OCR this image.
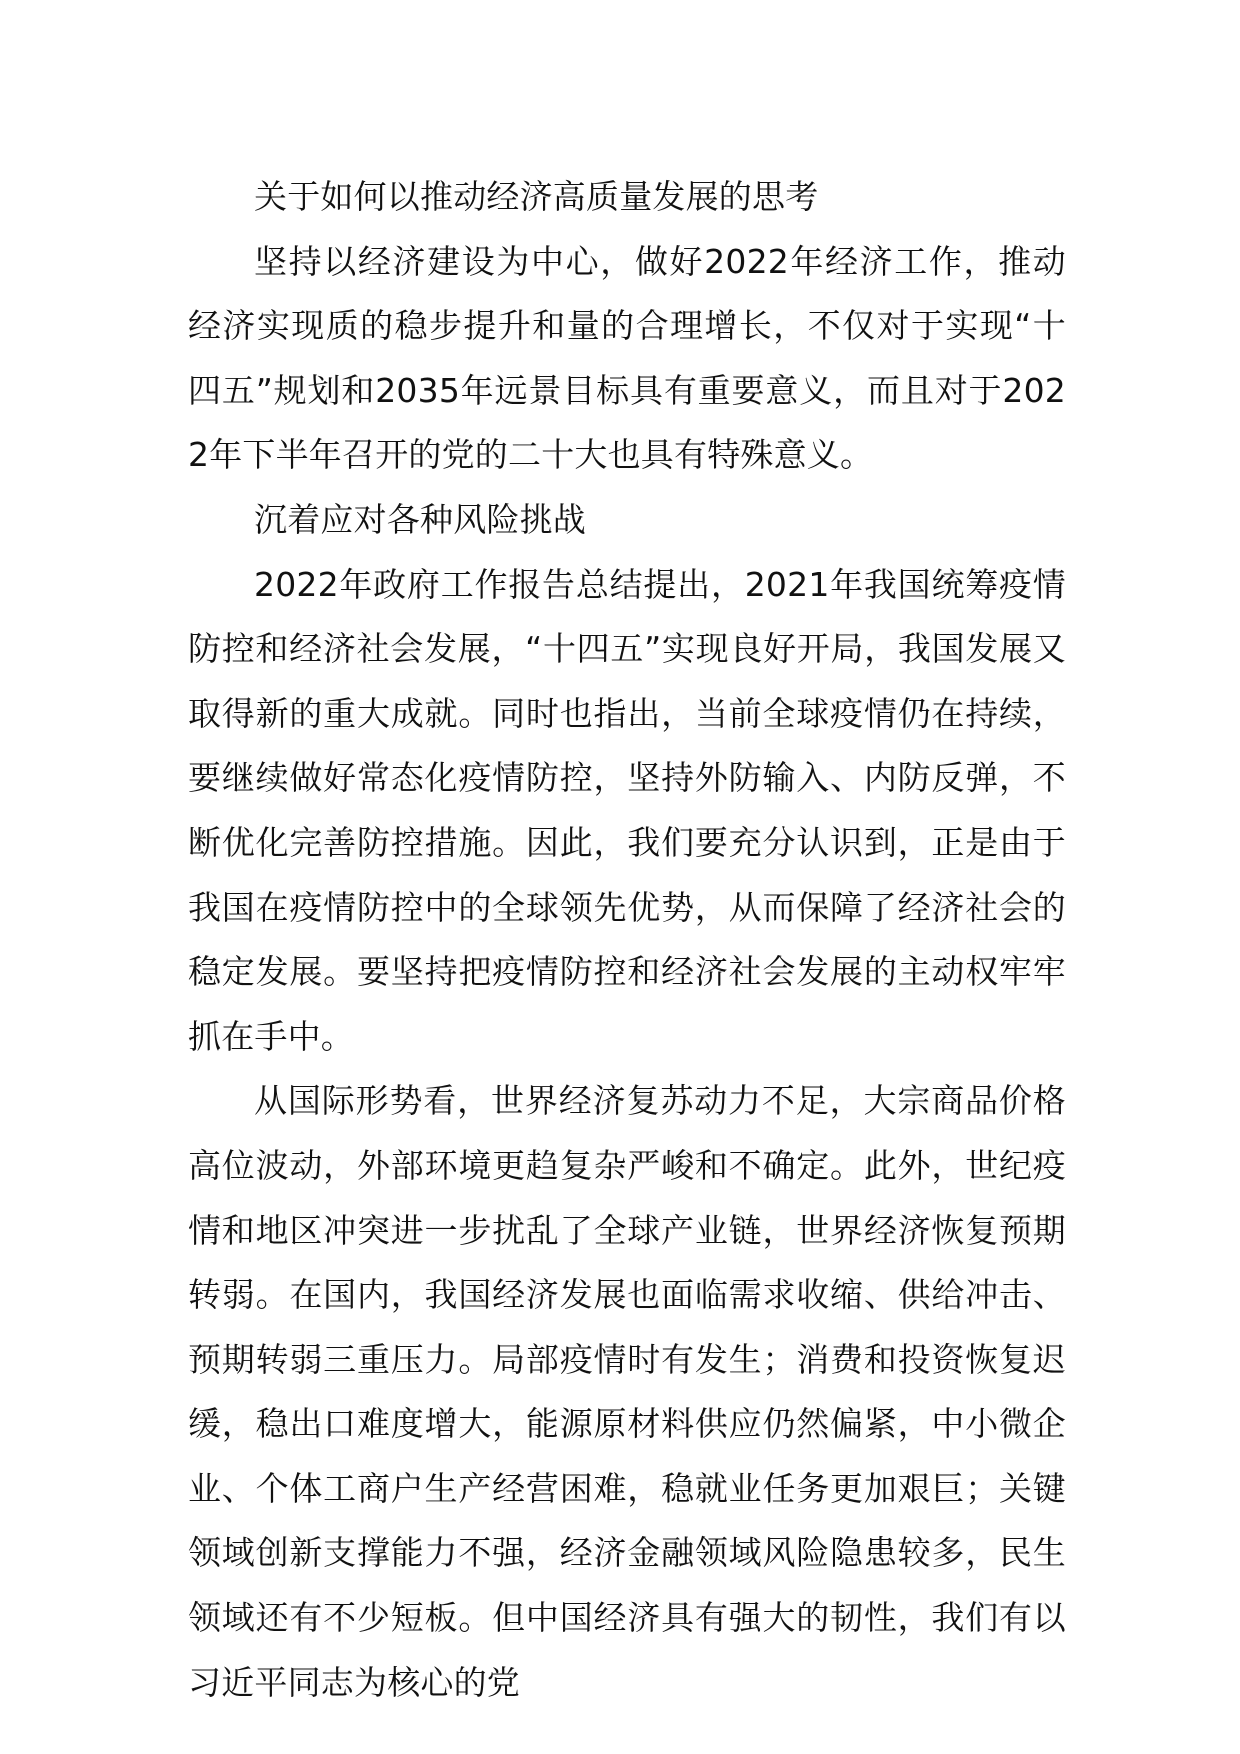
关于如何以推动经济高质量发展的思考

坚持以经济建设为中心，做好2022年经济工作，推动经济实现质的稳步提升和量的合理增长，不仅对于实现“十四五”规划和2035年远景目标具有重要意义，而且对于2022年下半年召开的党的二十大也具有特殊意义。

沉着应对各种风险挑战

2022年政府工作报告总结提出，2021年我国统筹疫情防控和经济社会发展，“十四五”实现良好开局，我国发展又取得新的重大成就。同时也指出，当前全球疫情仍在持续，要继续做好常态化疫情防控，坚持外防输入、内防反弹，不断优化完善防控措施。因此，我们要充分认识到，正是由于我国在疫情防控中的全球领先优势，从而保障了经济社会的稳定发展。要坚持把疫情防控和经济社会发展的主动权牢牢抓在手中。

从国际形势看，世界经济复苏动力不足，大宗商品价格高位波动，外部环境更趋复杂严峻和不确定。此外，世纪疫情和地区冲突进一步扰乱了全球产业链，世界经济恢复预期转弱。在国内，我国经济发展也面临需求收缩、供给冲击、预期转弱三重压力。局部疫情时有发生；消费和投资恢复迟缓，稳出口难度增大，能源原材料供应仍然偏紧，中小微企业、个体工商户生产经营困难，稳就业任务更加艰巨；关键领域创新支撑能力不强，经济金融领域风险隐患较多，民生领域还有不少短板。但中国经济具有强大的韧性，我们有以习近平同志为核心的党
